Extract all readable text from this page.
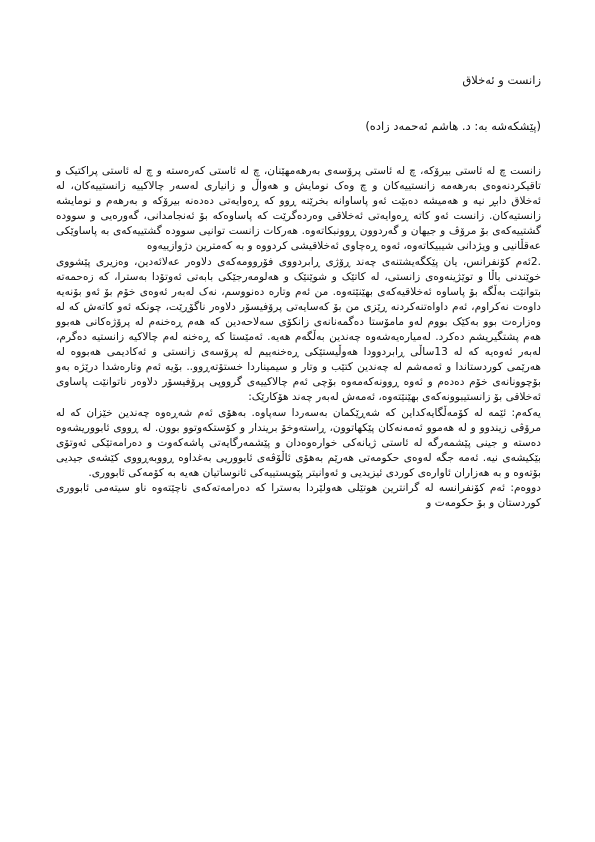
زانست و ئەخلاق

(پێشکەشە بە: د. هاشم ئەحمەد زادە)

زانست چ لە ئاستی بیرۆکە، چ لە ئاستی پرۆسەی بەرهەمهێنان، چ لە ئاستی کەرەستە و چ لە ئاستی پراکتیک و تاقیکردنەوەی بەرهەمە زانستییەکان و چ وەک نومایش و هەواڵ و زانیاری لەسەر چالاکییە زانستییەکان، لە ئەخلاق دابڕ نیە و هەمیشە دەبێت ئەو پاساوانە بخرێنە ڕوو کە ڕەوایەتی دەدەنە بیرۆکە و بەرهەم و نومایشە زانستیەکان. زانست ئەو کاتە ڕەوایەتی ئەخلاقی وەردەگرێت کە پاساوەکە بۆ ئەنجامدانی، گەورەیی و سوودە گشتییەکەی بۆ مرۆڤ و جیهان و گەردوون ڕوونبکاتەوە. هەرکات زانست توانیی سوودە گشتییەکەی بە پاساوێکی عەقڵانیی و ویژدانی شیبیکاتەوە، ئەوە ڕەچاوی ئەخلاقیشی کردووە و بە کەمترین دژوازییەوە

.2ئەم کۆنفرانس، یان پێکگەیشتنەی چەند ڕۆژی ڕابردووی فۆروومەکەی دلاوەر عەلائەدین، وەزیری پێشووی خوێندنی باڵا و توێژینەوەی زانستی، لە کاتێک و شوێنێک و هەلومەرجێکی بابەتی ئەوتۆدا بەسترا، کە زەحمەتە بتوانێت بەڵگە بۆ پاساوە ئەخلاقیەکەی بهێنێتەوە. من ئەم وتارە دەنووسم، نەک لەبەر ئەوەی خۆم بۆ ئەو بۆنەیە داوەت نەکراوم، ئەم داواەتنەکردنە ڕێزی من بۆ کەسایەتی پرۆفیسۆر دلاوەر ناگۆڕێت، چونکە ئەو کاتەش کە لە وەزارەت بوو بەکێک بووم لەو مامۆستا دەگمەنانەی زانکۆی سەلاحەدین کە هەم ڕەخنەم لە پرۆژەکانی هەبوو هەم پشتگیریشم دەکرد. لەمیارەیەشەوە چەندین بەڵگەم هەیە. ئەمێستا کە ڕەخنە لەم چالاکیە زانستیە دەگرم، لەبەر ئەوەیە کە لە 13ساڵی ڕابردوودا هەوڵیستێکی ڕەخنەییم لە پرۆسەی زانستی و ئەکادیمی هەبووە لە هەرێمی کوردستاندا و ئەمەشم لە چەندین کتێب و وتار و سیمیناردا خستۆتەڕوو.. بۆیە ئەم وتارەشدا درێژە بەو بۆچوونانەی خۆم دەدەم و ئەوە ڕوونەکەمەوە بۆچی ئەم چالاکییەی گرووپی پرۆفیسۆر دلاوەر ناتوانێت پاساوی ئەخلاقی بۆ زانستیبوونەکەی بهێنێتەوە، ئەمەش لەبەر چەند هۆکارێک:

یەکەم: ئێمە لە کۆمەڵگایەکداین کە شەڕێکمان بەسەردا سەپاوە. بەهۆی ئەم شەڕەوە چەندین خێزان کە لە مرۆڤی زیندوو و لە هەموو ئەمەنەکان پێکهاتوون، ڕاستەوخۆ بریندار و کۆستکەوتوو بوون. لە ڕووی ئابووریشەوە دەستە و جینی پێشمەرگە لە ئاستی ژیانەکی خوارەوەدان و پێشمەرگایەتی پاشەکەوت و دەرامەتێکی ئەوتۆی بێکیشەی نیە. ئەمە جگە لەوەی حکومەتی هەرێم بەهۆی ئاڵۆڤەی ئابووریی بەغداوە ڕووبەڕووی کێشەی جیدیی بۆتەوە و بە هەزاران ئاوارەی کوردی ئیزیدیی و ئەوانیتر پێویستییەکی ئانوساتیان هەیە بە کۆمەکی ئابووری.

دووەم: ئەم کۆنفرانسە لە گرانترین هوتێلی هەولێردا بەسترا کە دەرامەتەکەی ناچێتەوە ناو سیتەمی ئابووری کوردستان و بۆ حکومەت و
